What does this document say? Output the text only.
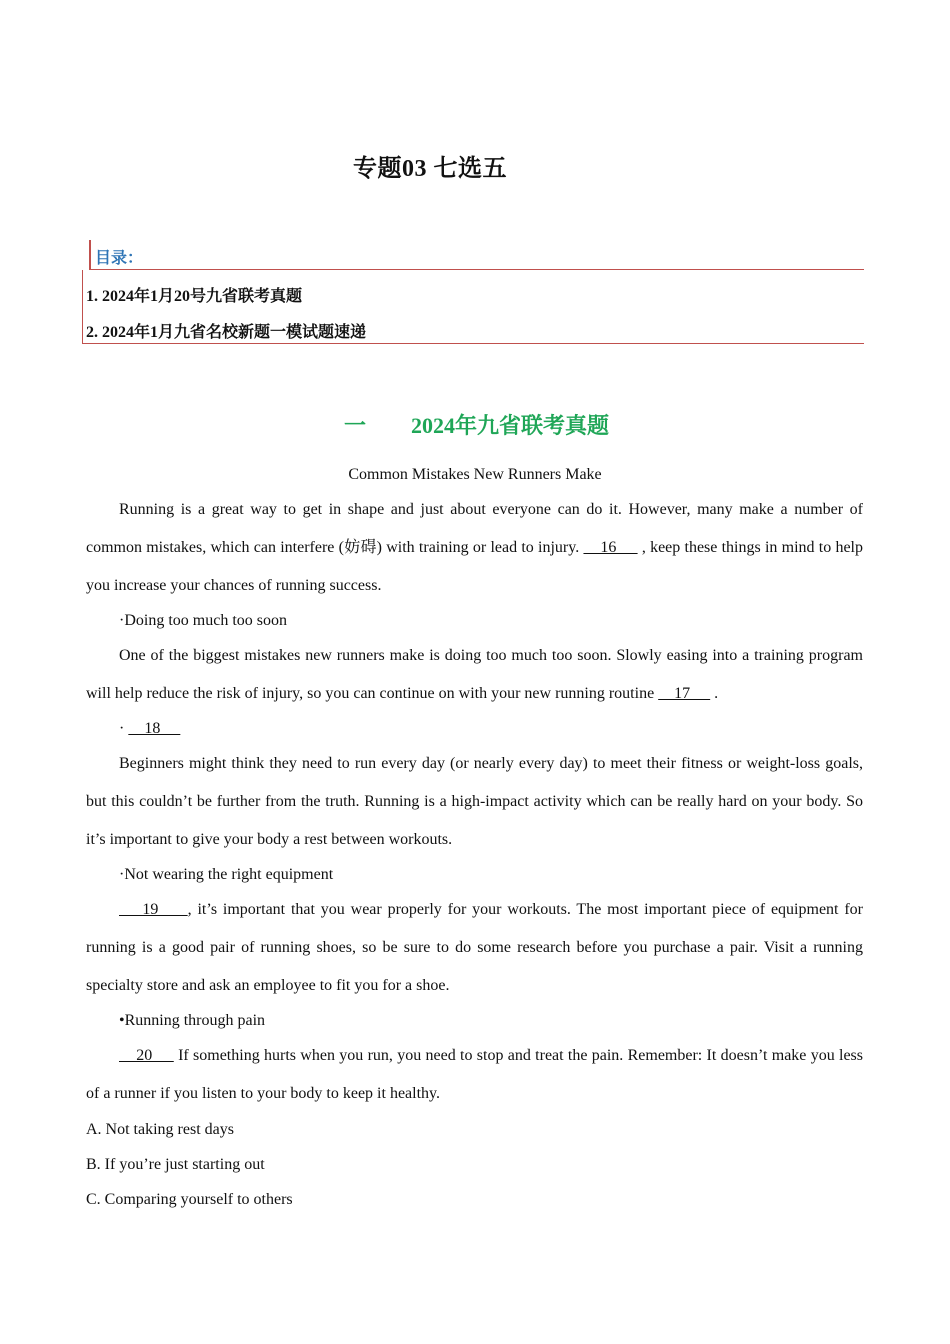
专题03 七选五
目录：
1. 2024年1月20号九省联考真题
2. 2024年1月九省名校新题一模试题速递
一 2024年九省联考真题
Common Mistakes New Runners Make

Running is a great way to get in shape and just about everyone can do it. However, many make a number of common mistakes, which can interfere (妨碍) with training or lead to injury.     16      , keep these things in mind to help you increase your chances of running success.

·Doing too much too soon

One of the biggest mistakes new runners make is doing too much too soon. Slowly easing into a training program will help reduce the risk of injury, so you can continue on with your new running routine     17      .

·     18

Beginners might think they need to run every day (or nearly every day) to meet their fitness or weight-loss goals, but this couldn’t be further from the truth. Running is a high-impact activity which can be really hard on your body. So it’s important to give your body a rest between workouts.

·Not wearing the right equipment

19     , it’s important that you wear properly for your workouts. The most important piece of equipment for running is a good pair of running shoes, so be sure to do some research before you purchase a pair. Visit a running specialty store and ask an employee to fit you for a shoe.

•Running through pain

20      If something hurts when you run, you need to stop and treat the pain. Remember: It doesn’t make you less of a runner if you listen to your body to keep it healthy.

A. Not taking rest days
B. If you’re just starting out
C. Comparing yourself to others
